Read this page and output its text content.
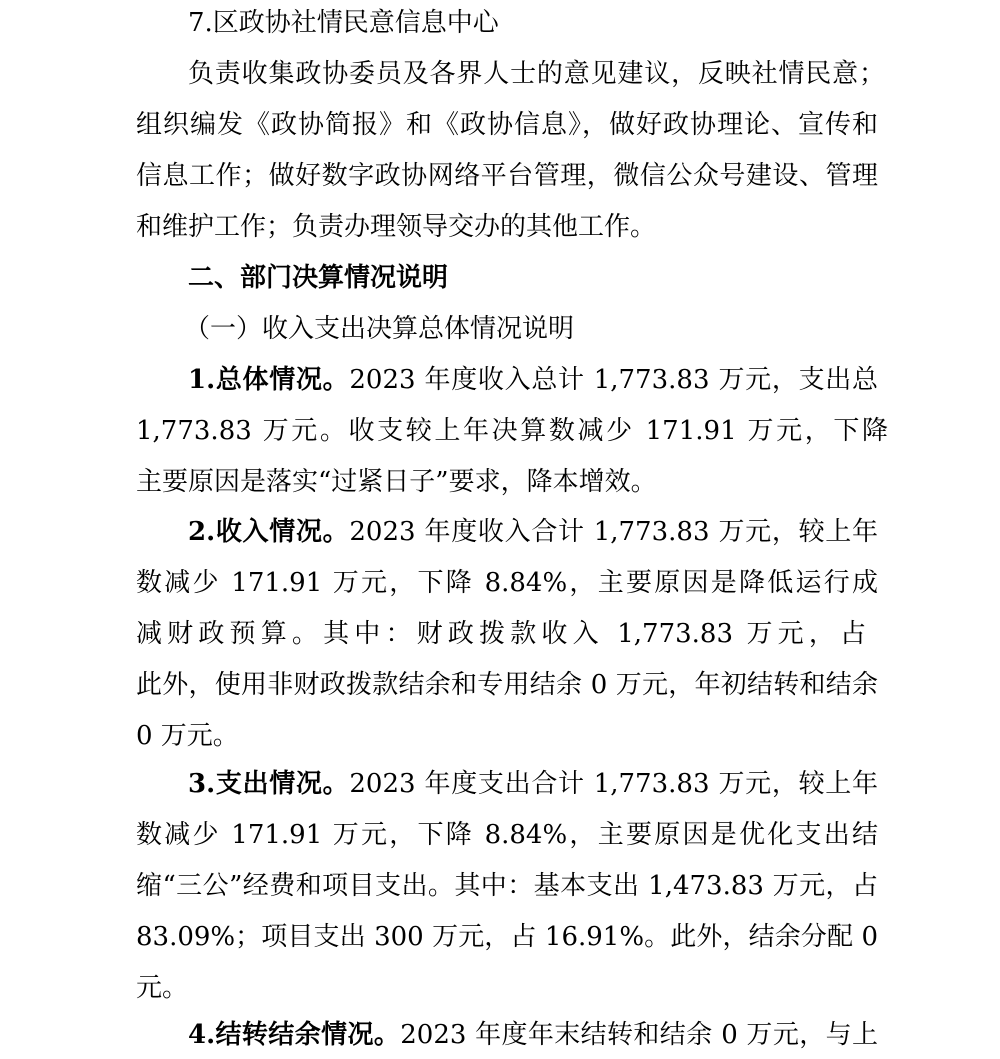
7.区政协社情民意信息中心
负责收集政协委员及各界人士的意见建议，反映社情民意；
组织编发《政协简报》和《政协信息》，做好政协理论、宣传和
信息工作；做好数字政协网络平台管理，微信公众号建设、管理
和维护工作；负责办理领导交办的其他工作。
二、部门决算情况说明
（一）收入支出决算总体情况说明
1.总体情况。2023 年度收入总计 1,773.83 万元，支出总
1,773.83 万元。收支较上年决算数减少 171.91 万元，下降
主要原因是落实“过紧日子”要求，降本增效。
2.收入情况。2023 年度收入合计 1,773.83 万元，较上年
数减少 171.91 万元，下降 8.84%，主要原因是降低运行成
减财政预算。其中：财政拨款收入 1,773.83 万元，占
此外，使用非财政拨款结余和专用结余 0 万元，年初结转和结余
0 万元。
3.支出情况。2023 年度支出合计 1,773.83 万元，较上年
数减少 171.91 万元，下降 8.84%，主要原因是优化支出结
缩“三公”经费和项目支出。其中：基本支出 1,473.83 万元，占
83.09%；项目支出 300 万元，占 16.91%。此外，结余分配 0
元。
4.结转结余情况。2023 年度年末结转和结余 0 万元，与上
